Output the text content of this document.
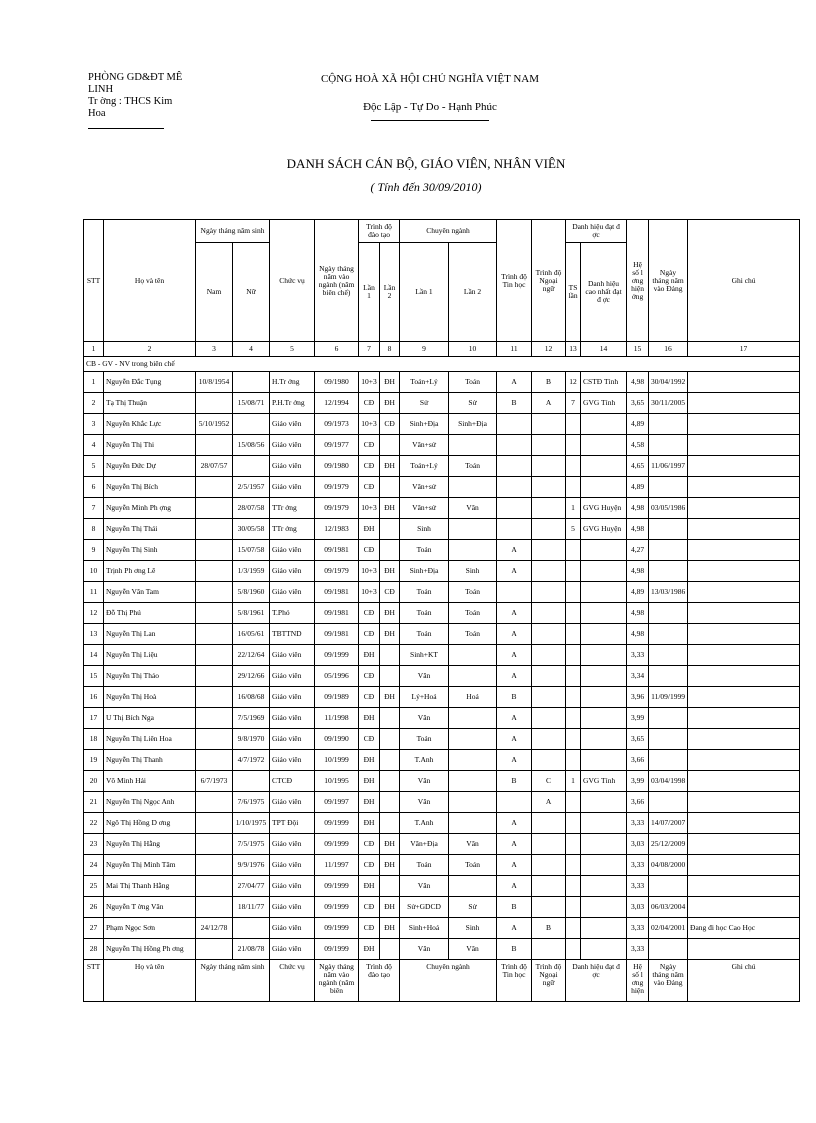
PHÒNG GD&ĐT MÊ LINH
Tr ờng : THCS Kim
Hoa
CỘNG HOÀ XÃ HỘI CHỦ NGHĨA VIỆT NAM
Độc Lập - Tự Do - Hạnh Phúc
DANH SÁCH CÁN BỘ, GIÁO VIÊN, NHÂN VIÊN
( Tính đến 30/09/2010)
STT	Họ và tên	Ngày tháng năm sinh		Chức vụ	Ngày tháng năm vào ngành (năm biên chế)	Trình độ đào tạo		Chuyên ngành		Trình độ Tin học	Trình độ Ngoại ngữ	Danh hiệu đạt đ ợc		Hệ số l ơng hiện ởng	Ngày tháng năm vào Đảng	Ghi chú
		Nam	Nữ			Lần 1	Lần 2	Lần 1	Lần 2			TS lần	Danh hiệu cao nhất đạt đ ợc			
1	2	3	4	5	6	7	8	9	10	11	12	13	14	15	16	17
CB - GV - NV trong biên chế																
1	Nguyễn Đắc Tụng	10/8/1954		H.Tr ởng	09/1980	10+3	ĐH	Toán+Lý	Toán	A	B	12	CSTĐ Tỉnh	4,98	30/04/1992	
2	Tạ Thị Thuận		15/08/71	P.H.Tr ởng	12/1994	CĐ	ĐH	Sử	Sử	B	A	7	GVG Tỉnh	3,65	30/11/2005	
3	Nguyễn Khắc Lực	5/10/1952		Giáo viên	09/1973	10+3	CĐ	Sinh+Địa	Sinh+Địa					4,89		
4	Nguyễn Thị Thi		15/08/56	Giáo viên	09/1977	CĐ		Văn+sử						4,58		
5	Nguyễn Đức Dự	28/07/57		Giáo viên	09/1980	CĐ	ĐH	Toán+Lý	Toán					4,65	11/06/1997	
6	Nguyễn Thị Bích		2/5/1957	Giáo viên	09/1979	CĐ		Văn+sử						4,89		
7	Nguyễn Minh Ph ợng		28/07/58	TTr ởng	09/1979	10+3	ĐH	Văn+sử	Văn			1	GVG Huyện	4,98	03/05/1986	
8	Nguyễn Thị Thái		30/05/58	TTr ởng	12/1983	ĐH		Sinh				5	GVG Huyện	4,98		
9	Nguyễn Thị Sinh		15/07/58	Giáo viên	09/1981	CĐ		Toán		A				4,27		
10	Trịnh Ph ơng Lê		1/3/1959	Giáo viên	09/1979	10+3	ĐH	Sinh+Địa	Sinh	A				4,98		
11	Nguyễn Văn Tam		5/8/1960	Giáo viên	09/1981	10+3	CĐ	Toán	Toán					4,89	13/03/1986	
12	Đỗ Thị Phú		5/8/1961	T.Phó	09/1981	CĐ	ĐH	Toán	Toán	A				4,98		
13	Nguyễn Thị Lan		16/05/61	TBTTND	09/1981	CĐ	ĐH	Toán	Toán	A				4,98		
14	Nguyễn Thị Liệu		22/12/64	Giáo viên	09/1999	ĐH		Sinh+KT		A				3,33		
15	Nguyễn Thị Thảo		29/12/66	Giáo viên	05/1996	CĐ		Văn		A				3,34		
16	Nguyễn Thị Hoà		16/08/68	Giáo viên	09/1989	CĐ	ĐH	Lý+Hoá	Hoá	B				3,96	11/09/1999	
17	U Thị Bích Nga		7/5/1969	Giáo viên	11/1998	ĐH		Văn		A				3,99		
18	Nguyễn Thị Liên Hoa		9/8/1970	Giáo viên	09/1990	CĐ		Toán		A				3,65		
19	Nguyễn Thị Thanh		4/7/1972	Giáo viên	10/1999	ĐH		T.Anh		A				3,66		
20	Võ Minh Hải	6/7/1973		CTCĐ	10/1995	ĐH		Văn		B	C	1	GVG Tỉnh	3,99	03/04/1998	
21	Nguyễn Thị Ngọc Anh		7/6/1975	Giáo viên	09/1997	ĐH		Văn			A			3,66		
22	Ngô Thị Hồng D ơng		1/10/1975	TPT Đội	09/1999	ĐH		T.Anh		A				3,33	14/07/2007	
23	Nguyễn Thị Hằng		7/5/1975	Giáo viên	09/1999	CĐ	ĐH	Văn+Địa	Văn	A				3,03	25/12/2009	
24	Nguyễn Thị Minh Tâm		9/9/1976	Giáo viên	11/1997	CĐ	ĐH	Toán	Toán	A				3,33	04/08/2000	
25	Mai Thị Thanh Hằng		27/04/77	Giáo viên	09/1999	ĐH		Văn		A				3,33		
26	Nguyễn T ờng Vân		18/11/77	Giáo viên	09/1999	CĐ	ĐH	Sử+GDCD	Sử	B				3,03	06/03/2004	
27	Phạm Ngọc Sơn	24/12/78		Giáo viên	09/1999	CĐ	ĐH	Sinh+Hoá	Sinh	A	B			3,33	02/04/2001	Đang đi học Cao Học
28	Nguyễn Thị Hồng Ph ơng		21/08/78	Giáo viên	09/1999	ĐH		Văn	Văn	B				3,33		
STT	Họ và tên	Ngày tháng năm sinh		Chức vụ	Ngày tháng năm vào ngành (năm biên	Trình độ đào tạo		Chuyên ngành		Trình độ Tin học	Trình độ Ngoại ngữ	Danh hiệu đạt đ ợc		Hệ số l ơng hiện	Ngày tháng năm vào Đảng	Ghi chú
